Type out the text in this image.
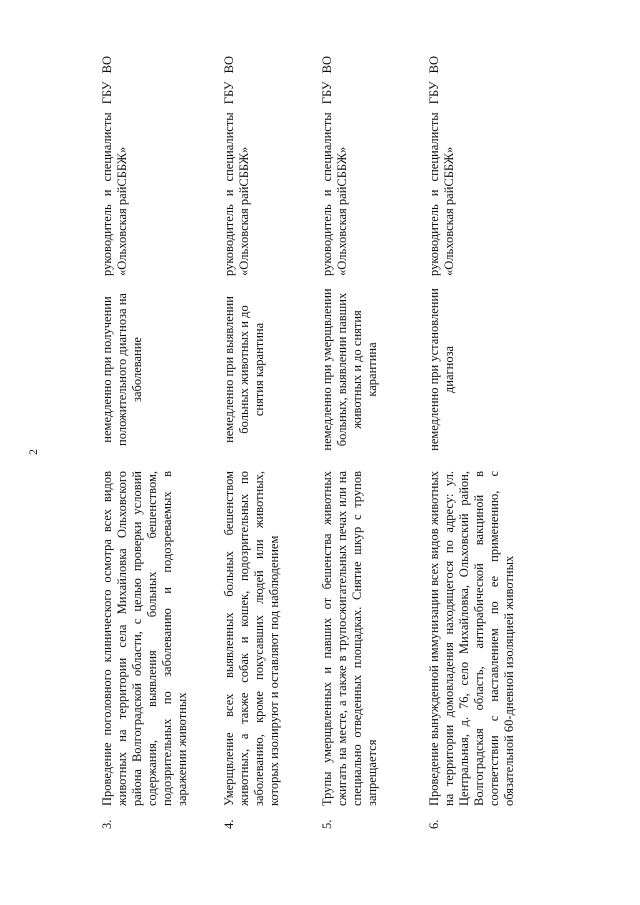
2
3.

Проведение поголовного клинического осмотра всех видов животных на территории села Михайловка Ольховского района Волгоградской области, с целью проверки условий содержания, выявления больных бешенством, подозрительных по заболеванию и подозреваемых в заражении животных

немедленно при получении положительного диагноза на заболевание

руководитель и специалисты ГБУ ВО «Ольховская райСББЖ»

4.

Умерщвление всех выявленных больных бешенством животных, а также собак и кошек, подозрительных по заболеванию, кроме покусавших людей или животных, которых изолируют и оставляют под наблюдением

немедленно при выявлении больных животных и до снятия карантина

руководитель и специалисты ГБУ ВО «Ольховская райСББЖ»

5.

Трупы умерщвленных и павших от бешенства животных сжигать на месте, а также в трупосжигательных печах или на специально отведенных площадках. Снятие шкур с трупов запрещается

немедленно при умерщвлении больных, выявлении павших животных и до снятия карантина

руководитель и специалисты ГБУ ВО «Ольховская райСББЖ»

6.

Проведение вынужденной иммунизации всех видов животных на территории домовладения находящегося по адресу: ул. Центральная, д. 76, село Михайловка, Ольховский район, Волгоградская область, антирабической вакциной в соответствии с наставлением по ее применению, с обязательной 60-дневной изоляцией животных

немедленно при установлении диагноза

руководитель и специалисты ГБУ ВО «Ольховская райСББЖ»
